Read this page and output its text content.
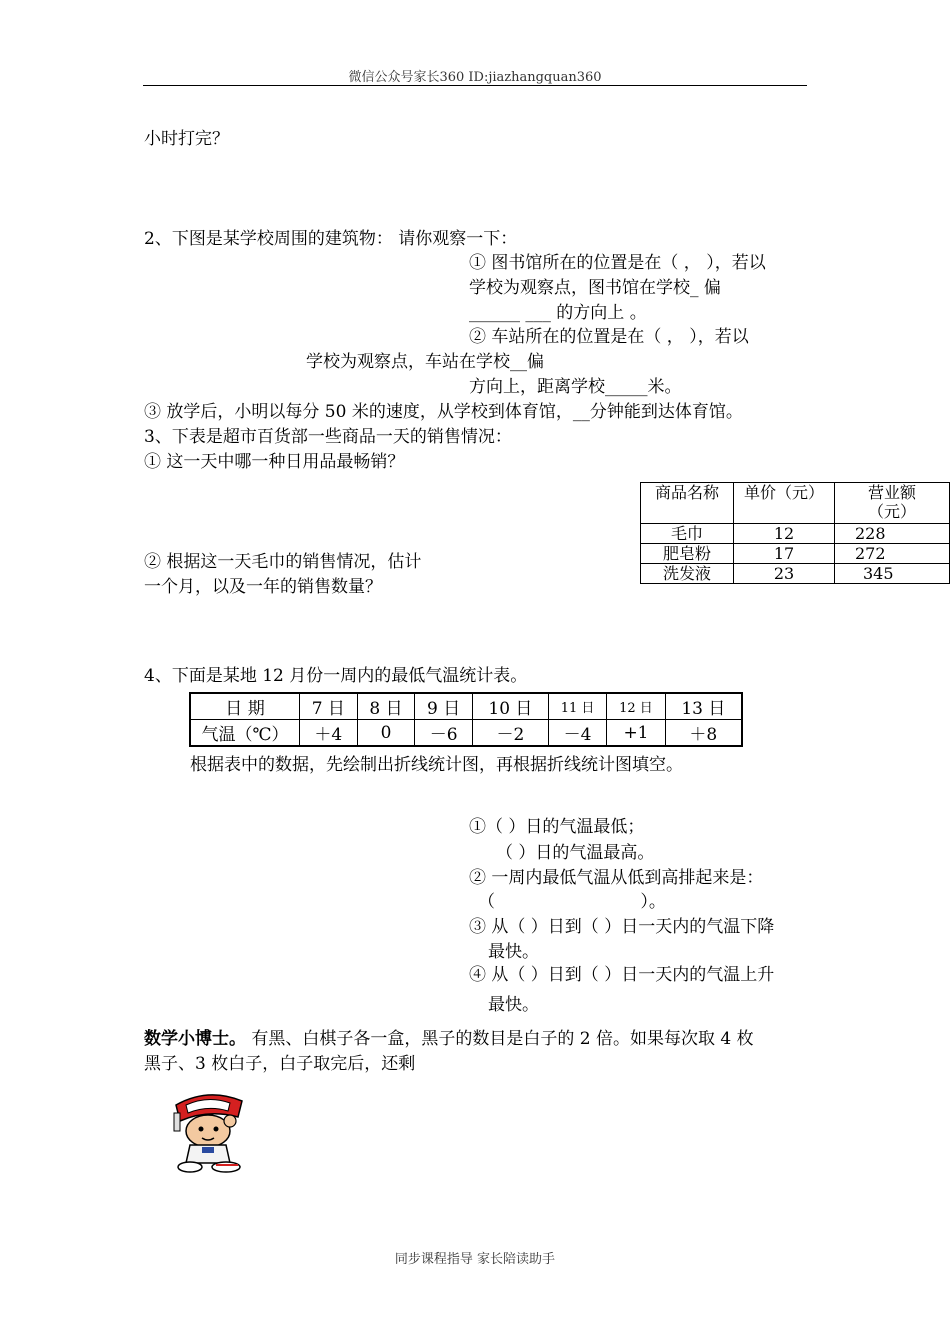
微信公众号家长360 ID:jiazhangquan360
小时打完？
2、下图是某学校周围的建筑物： 请你观察一下：
① 图书馆所在的位置是在（ ， ），若以
学校为观察点，图书馆在学校_ 偏
______ ___ 的方向上 。
② 车站所在的位置是在（ ， ），若以
学校为观察点，车站在学校__偏
方向上，距离学校_____米。
③ 放学后，小明以每分 50 米的速度，从学校到体育馆，__分钟能到达体育馆。
3、下表是超市百货部一些商品一天的销售情况：
① 这一天中哪一种日用品最畅销？
② 根据这一天毛巾的销售情况，估计
一个月，以及一年的销售数量？
商品名称	单价（元）	营业额
（元）

毛巾	12	228
肥皂粉	17	272
洗发液	23	345
4、下面是某地 12 月份一周内的最低气温统计表。
日 期	7 日	8 日	9 日	10 日	11 日	12 日	13 日
气温（℃）	＋4	0	－6	－2	－4	+1	＋8
根据表中的数据，先绘制出折线统计图，再根据折线统计图填空。
①（ ）日的气温最低；
（ ）日的气温最高。
② 一周内最低气温从低到高排起来是：
（ ）。
③ 从（ ）日到（ ）日一天内的气温下降
最快。
④ 从（ ）日到（ ）日一天内的气温上升
最快。
数学小博士。 有黑、白棋子各一盒，黑子的数目是白子的 2 倍。如果每次取 4 枚
黑子、3 枚白子，白子取完后，还剩
同步课程指导 家长陪读助手
